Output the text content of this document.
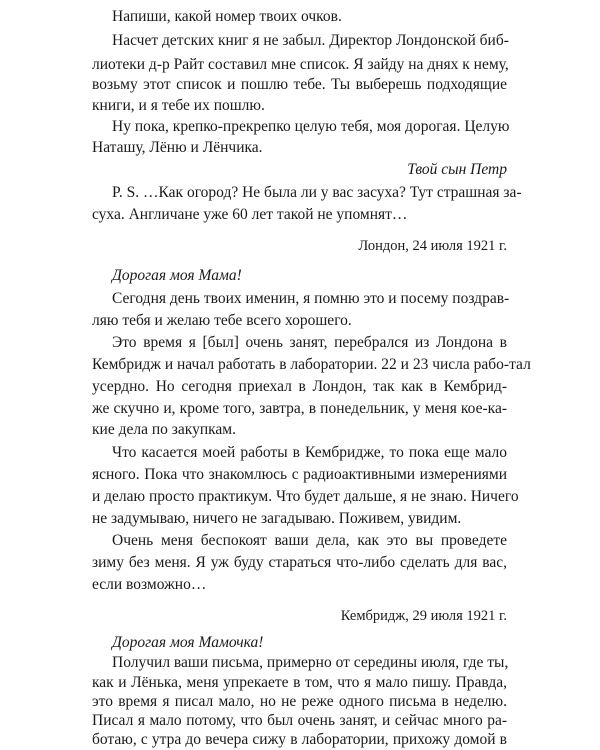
Напиши, какой номер твоих очков.
Насчет детских книг я не забыл. Директор Лондонской биб-
лиотеки д-р Райт составил мне список. Я зайду на днях к нему,
возьму этот список и пошлю тебе. Ты выберешь подходящие
книги, и я тебе их пошлю.
Ну пока, крепко-прекрепко целую тебя, моя дорогая. Целую
Наташу, Лёню и Лёнчика.
Твой сын Петр
P. S. …Как огород? Не была ли у вас засуха? Тут страшная за-
суха. Англичане уже 60 лет такой не упомнят…
Лондон, 24 июля 1921 г.
Дорогая моя Мама!
Сегодня день твоих именин, я помню это и посему поздрав-
ляю тебя и желаю тебе всего хорошего.
Это время я [был] очень занят, перебрался из Лондона в
Кембридж и начал работать в лаборатории. 22 и 23 числа рабо-тал
усердно. Но сегодня приехал в Лондон, так как в Кембрид-
же скучно и, кроме того, завтра, в понедельник, у меня кое-ка-
кие дела по закупкам.
Что касается моей работы в Кембридже, то пока еще мало
ясного. Пока что знакомлюсь с радиоактивными измерениями
и делаю просто практикум. Что будет дальше, я не знаю. Ничего
не задумываю, ничего не загадываю. Поживем, увидим.
Очень меня беспокоят ваши дела, как это вы проведете
зиму без меня. Я уж буду стараться что-либо сделать для вас,
если возможно…
Кембридж, 29 июля 1921 г.
Дорогая моя Мамочка!
Получил ваши письма, примерно от середины июля, где ты,
как и Лёнька, меня упрекаете в том, что я мало пишу. Правда,
это время я писал мало, но не реже одного письма в неделю.
Писал я мало потому, что был очень занят, и сейчас много ра-
ботаю, с утра до вечера сижу в лаборатории, прихожу домой в
